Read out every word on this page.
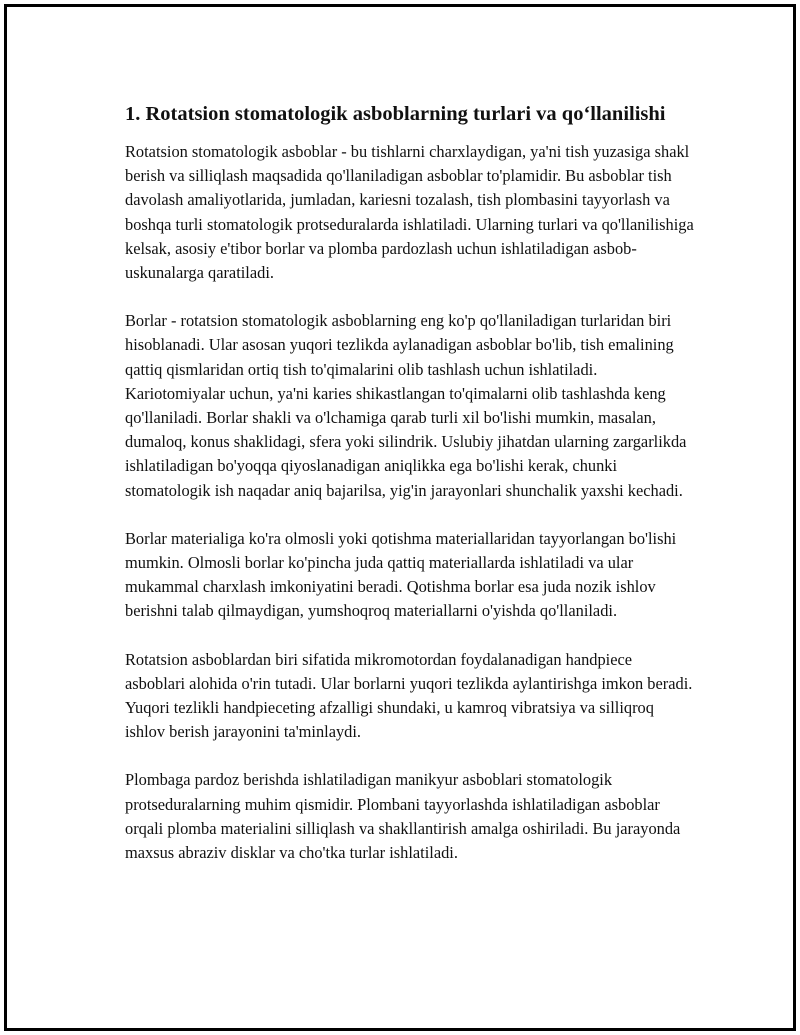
1. Rotatsion stomatologik asboblarning turlari va qo‘llanilishi

Rotatsion stomatologik asboblar - bu tishlarni charxlaydigan, ya'ni tish yuzasiga shakl berish va silliqlash maqsadida qo'llaniladigan asboblar to'plamidir. Bu asboblar tish davolash amaliyotlarida, jumladan, kariesni tozalash, tish plombasini tayyorlash va boshqa turli stomatologik protseduralarda ishlatiladi. Ularning turlari va qo'llanilishiga kelsak, asosiy e'tibor borlar va plomba pardozlash uchun ishlatiladigan asbob-uskunalarga qaratiladi.

Borlar - rotatsion stomatologik asboblarning eng ko'p qo'llaniladigan turlaridan biri hisoblanadi. Ular asosan yuqori tezlikda aylanadigan asboblar bo'lib, tish emalining qattiq qismlaridan ortiq tish to'qimalarini olib tashlash uchun ishlatiladi. Kariotomiyalar uchun, ya'ni karies shikastlangan to'qimalarni olib tashlashda keng qo'llaniladi. Borlar shakli va o'lchamiga qarab turli xil bo'lishi mumkin, masalan, dumaloq, konus shaklidagi, sfera yoki silindrik. Uslubiy jihatdan ularning zargarlikda ishlatiladigan bo'yoqqa qiyoslanadigan aniqlikka ega bo'lishi kerak, chunki stomatologik ish naqadar aniq bajarilsa, yig'in jarayonlari shunchalik yaxshi kechadi.

Borlar materialiga ko'ra olmosli yoki qotishma materiallaridan tayyorlangan bo'lishi mumkin. Olmosli borlar ko'pincha juda qattiq materiallarda ishlatiladi va ular mukammal charxlash imkoniyatini beradi. Qotishma borlar esa juda nozik ishlov berishni talab qilmaydigan, yumshoqroq materiallarni o'yishda qo'llaniladi.

Rotatsion asboblardan biri sifatida mikromotordan foydalanadigan handpiece asboblari alohida o'rin tutadi. Ular borlarni yuqori tezlikda aylantirishga imkon beradi. Yuqori tezlikli handpieceting afzalligi shundaki, u kamroq vibratsiya va silliqroq ishlov berish jarayonini ta'minlaydi.

Plombaga pardoz berishda ishlatiladigan manikyur asboblari stomatologik protseduralarning muhim qismidir. Plombani tayyorlashda ishlatiladigan asboblar orqali plomba materialini silliqlash va shakllantirish amalga oshiriladi. Bu jarayonda maxsus abraziv disklar va cho'tka turlar ishlatiladi.
